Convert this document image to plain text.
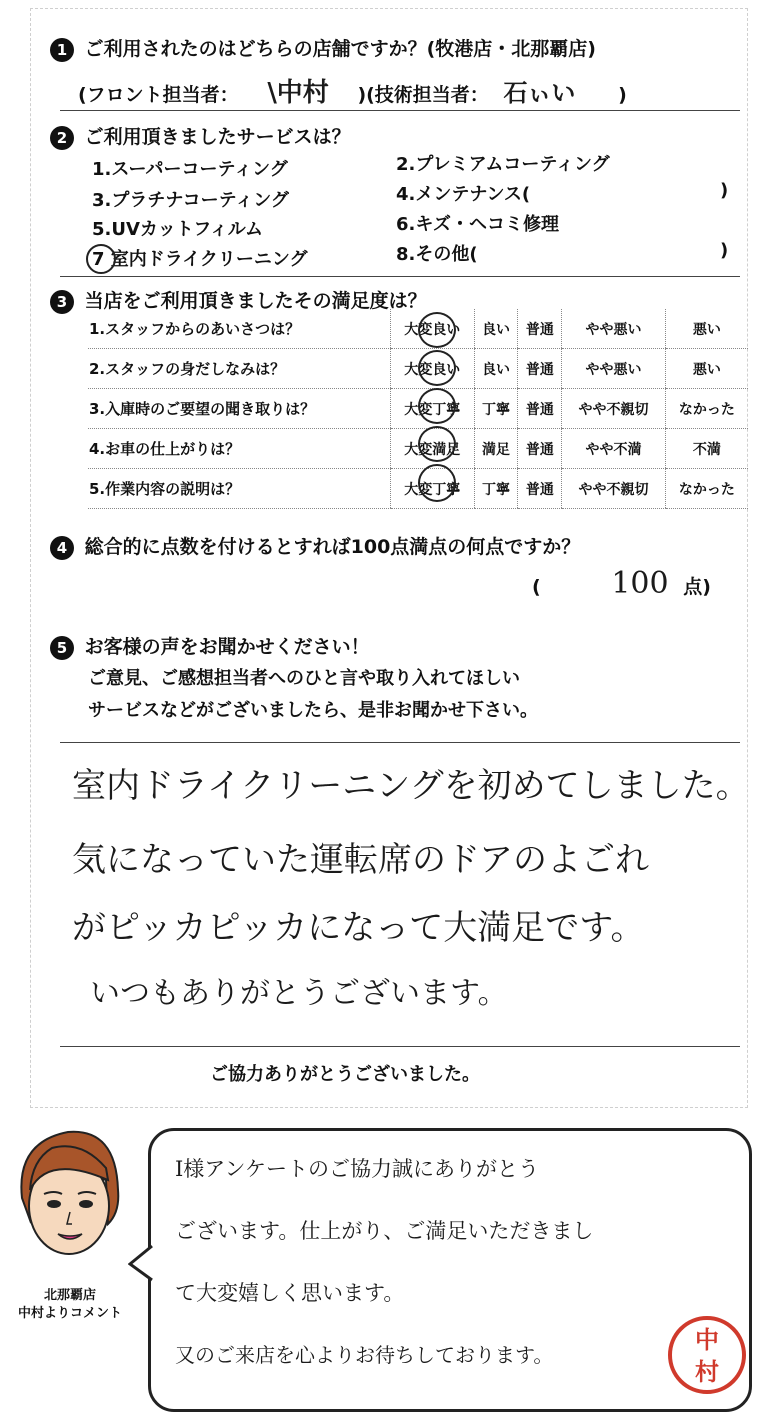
1 ご利用されたのはどちらの店舗ですか？(牧港店・北那覇店)
(フロント担当者： \中村 )(技術担当者： 石ぃい )
2 ご利用頂きましたサービスは？
1.スーパーコーティング	2.プレミアムコーティング
3.プラチナコーティング	4.メンテナンス(	)
5.UVカットフィルム	6.キズ・ヘコミ修理
7 室内ドライクリーニング	8.その他(	)
3 当店をご利用頂きましたその満足度は？
1.スタッフからのあいさつは？	大変良い	良い	普通	やや悪い	悪い
2.スタッフの身だしなみは？	大変良い	良い	普通	やや悪い	悪い
3.入庫時のご要望の聞き取りは？	大変丁寧	丁寧	普通	やや不親切	なかった
4.お車の仕上がりは？	大変満足	満足	普通	やや不満	不満
5.作業内容の説明は？	大変丁寧	丁寧	普通	やや不親切	なかった
4 総合的に点数を付けるとすれば100点満点の何点ですか？
( 100 点)
5 お客様の声をお聞かせください！
ご意見、ご感想担当者へのひと言や取り入れてほしい
サービスなどがございましたら、是非お聞かせ下さい。
室内ドライクリーニングを初めてしました。
気になっていた運転席のドアのよごれ
がピッカピッカになって大満足です。
いつもありがとうございます。
ご協力ありがとうございました。
北那覇店
中村よりコメント
I様アンケートのご協力誠にありがとう
ございます。仕上がり、ご満足いただきまし
て大変嬉しく思います。
又のご来店を心よりお待ちしております。
中
村
